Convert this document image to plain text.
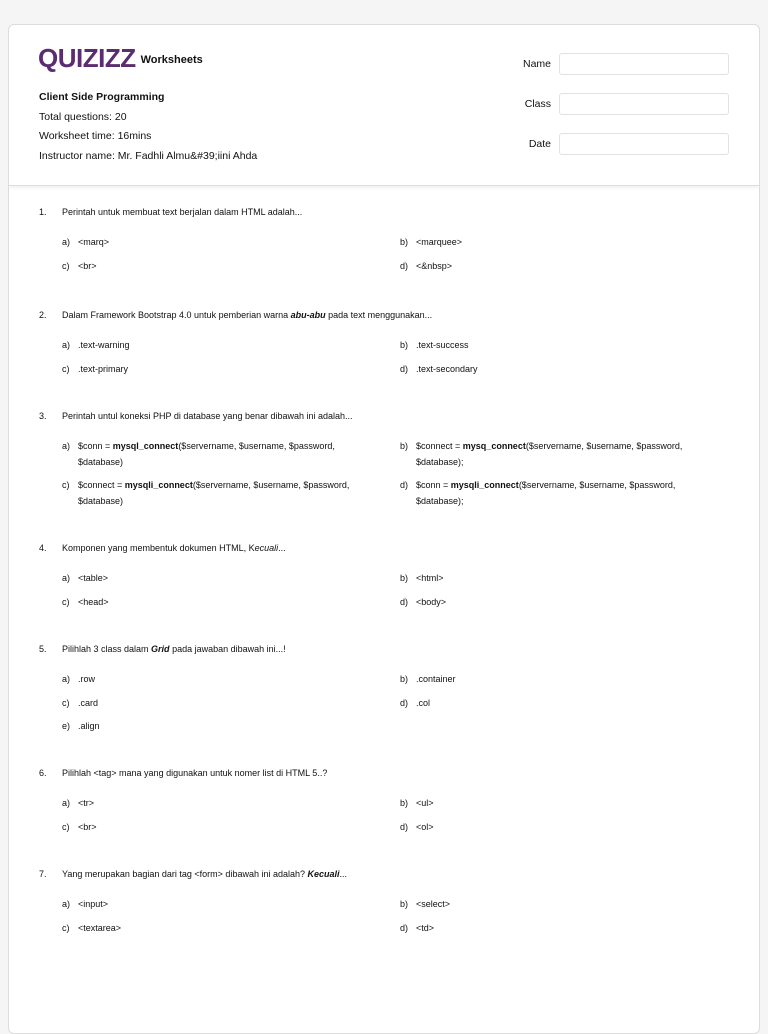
QUIZIZZ Worksheets
Client Side Programming
Total questions: 20
Worksheet time: 16mins
Instructor name: Mr. Fadhli Almu&#39;iini Ahda
Name
Class
Date
1. Perintah untuk membuat text berjalan dalam HTML adalah...
a) <marq>	b) <marquee>
c) <br>	d) <&nbsp>
2. Dalam Framework Bootstrap 4.0 untuk pemberian warna abu-abu pada text menggunakan...
a) .text-warning	b) .text-success
c) .text-primary	d) .text-secondary
3. Perintah untul koneksi PHP di database yang benar dibawah ini adalah...
a) $conn = mysql_connect($servername, $username, $password,
$database)
b) $connect = mysq_connect($servername, $username, $password,
$database);
c) $connect = mysqli_connect($servername, $username, $password,
$database)
d) $conn = mysqli_connect($servername, $username, $password,
$database);
4. Komponen yang membentuk dokumen HTML, Kecuali...
a) <table>	b) <html>
c) <head>	d) <body>
5. Pilihlah 3 class dalam Grid pada jawaban dibawah ini...!
a) .row	b) .container
c) .card	d) .col
e) .align
6. Pilihlah <tag> mana yang digunakan untuk nomer list di HTML 5..?
a) <tr>	b) <ul>
c) <br>	d) <ol>
7. Yang merupakan bagian dari tag <form> dibawah ini adalah? Kecuali...
a) <input>	b) <select>
c) <textarea>	d) <td>
